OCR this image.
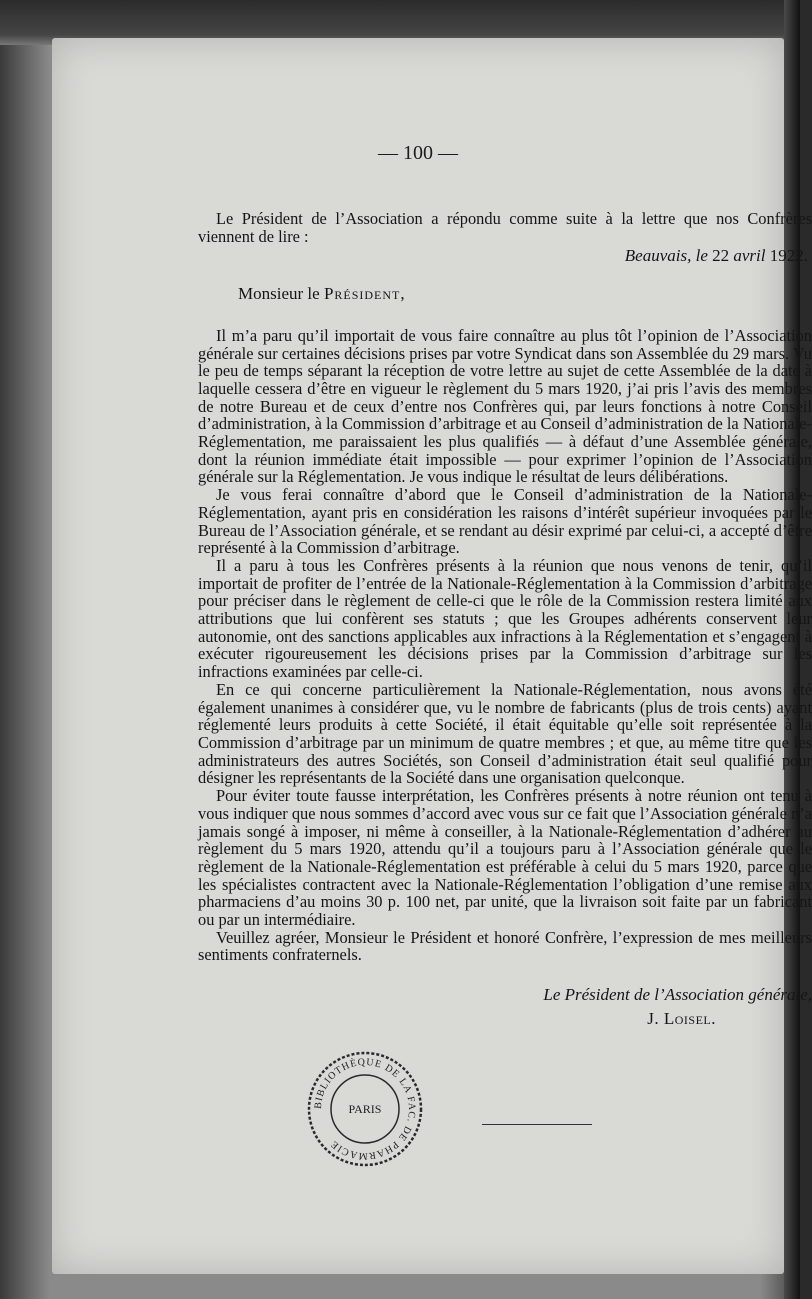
— 100 —

Le Président de l’Association a répondu comme suite à la lettre que nos Confrères viennent de lire :

Beauvais, le 22 avril 1922.
Monsieur le Président,

Il m’a paru qu’il importait de vous faire connaître au plus tôt l’opinion de l’Association générale sur certaines décisions prises par votre Syndicat dans son Assemblée du 29 mars. Vu le peu de temps séparant la réception de votre lettre au sujet de cette Assemblée de la date à laquelle cessera d’être en vigueur le règlement du 5 mars 1920, j’ai pris l’avis des membres de notre Bureau et de ceux d’entre nos Confrères qui, par leurs fonctions à notre Conseil d’administration, à la Commission d’arbitrage et au Conseil d’administration de la Nationale-Réglementation, me paraissaient les plus qualifiés — à défaut d’une Assemblée générale, dont la réunion immédiate était impossible — pour exprimer l’opinion de l’Association générale sur la Réglementation. Je vous indique le résultat de leurs délibérations.

Je vous ferai connaître d’abord que le Conseil d’administration de la Nationale-Réglementation, ayant pris en considération les raisons d’intérêt supérieur invoquées par le Bureau de l’Association générale, et se rendant au désir exprimé par celui-ci, a accepté d’être représenté à la Commission d’arbitrage.

Il a paru à tous les Confrères présents à la réunion que nous venons de tenir, qu’il importait de profiter de l’entrée de la Nationale-Réglementation à la Commission d’arbitrage pour préciser dans le règlement de celle-ci que le rôle de la Commission restera limité aux attributions que lui confèrent ses statuts ; que les Groupes adhérents conservent leur autonomie, ont des sanctions applicables aux infractions à la Réglementation et s’engagent à exécuter rigoureusement les décisions prises par la Commission d’arbitrage sur les infractions examinées par celle-ci.

En ce qui concerne particulièrement la Nationale-Réglementation, nous avons été également unanimes à considérer que, vu le nombre de fabricants (plus de trois cents) ayant réglementé leurs produits à cette Société, il était équitable qu’elle soit représentée à la Commission d’arbitrage par un minimum de quatre membres ; et que, au même titre que les administrateurs des autres Sociétés, son Conseil d’administration était seul qualifié pour désigner les représentants de la Société dans une organisation quelconque.

Pour éviter toute fausse interprétation, les Confrères présents à notre réunion ont tenu à vous indiquer que nous sommes d’accord avec vous sur ce fait que l’Association générale n’a jamais songé à imposer, ni même à conseiller, à la Nationale-Réglementation d’adhérer au règlement du 5 mars 1920, attendu qu’il a toujours paru à l’Association générale que le règlement de la Nationale-Réglementation est préférable à celui du 5 mars 1920, parce que les spécialistes contractent avec la Nationale-Réglementation l’obligation d’une remise aux pharmaciens d’au moins 30 p. 100 net, par unité, que la livraison soit faite par un fabricant ou par un intermédiaire.

Veuillez agréer, Monsieur le Président et honoré Confrère, l’expression de mes meilleurs sentiments confraternels.

Le Président de l’Association générale,
J. Loisel.
BIBLIOTHÈQUE DE LA FAC. DE PHARMACIE
PARIS
